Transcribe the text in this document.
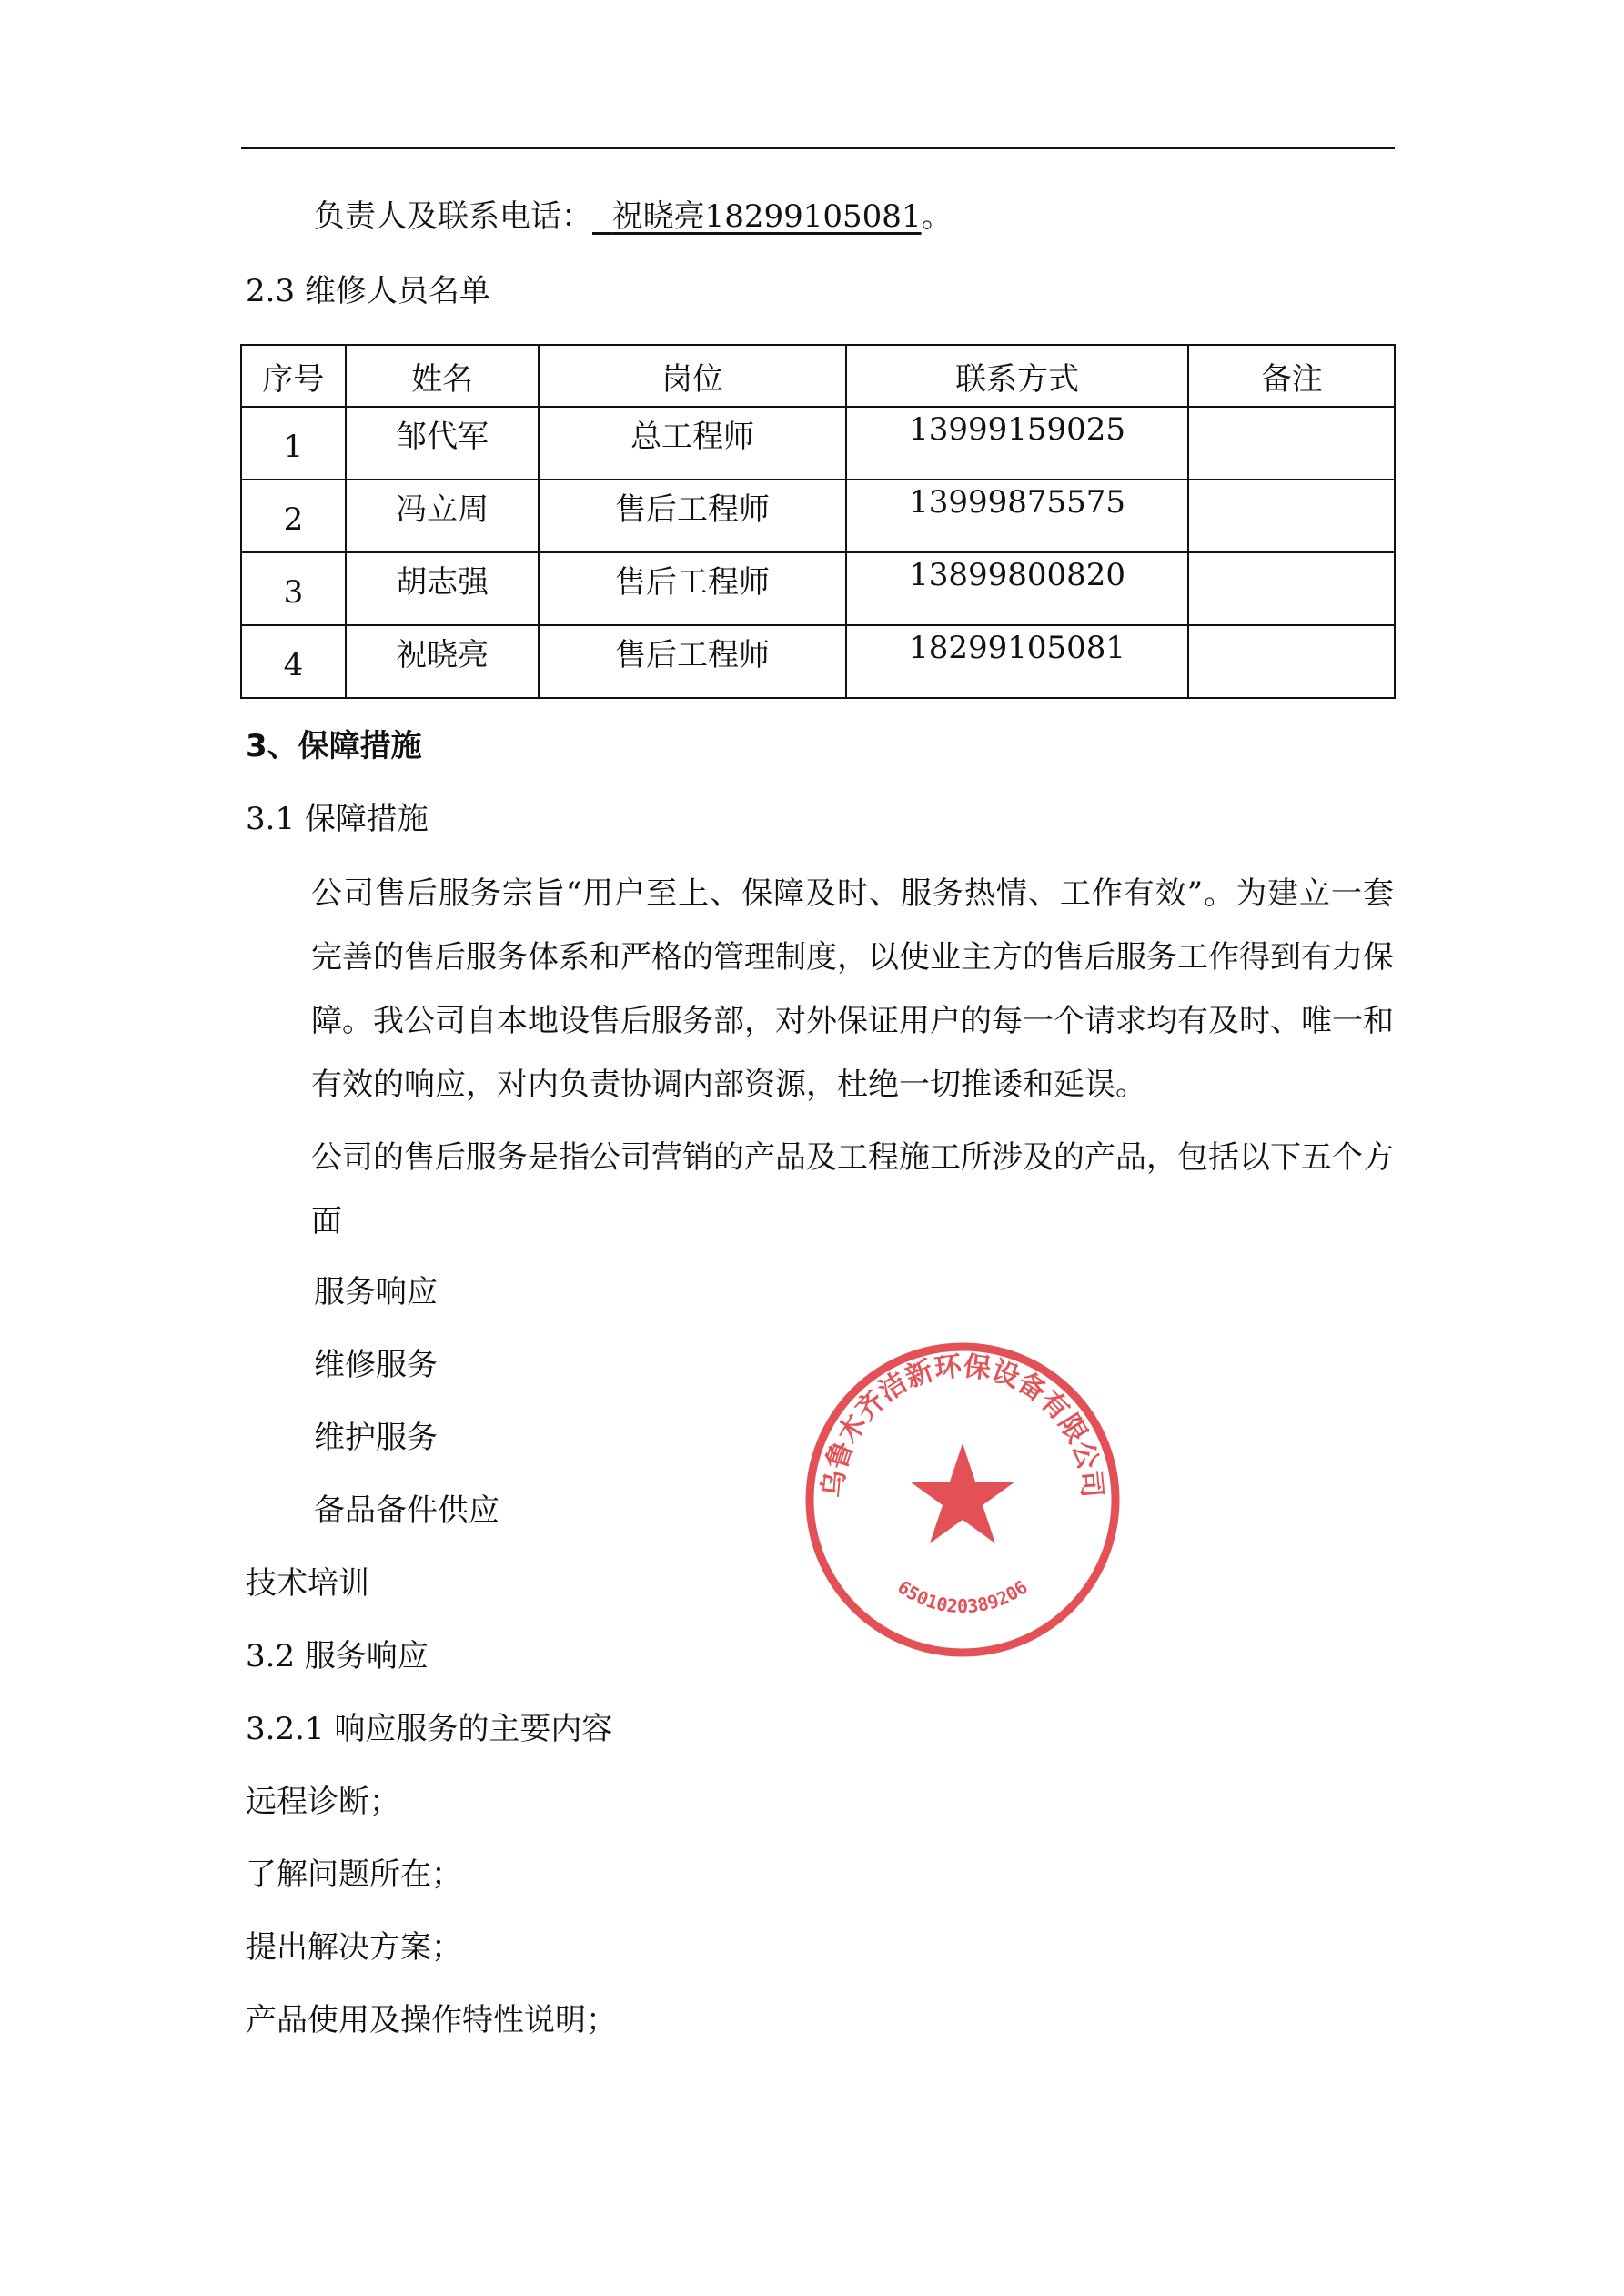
负责人及联系电话： 祝晓亮18299105081。
2.3 维修人员名单
序号	姓名	岗位	联系方式	备注
1	邹代军	总工程师	13999159025	
2	冯立周	售后工程师	13999875575	
3	胡志强	售后工程师	13899800820	
4	祝晓亮	售后工程师	18299105081	
3、保障措施
3.1 保障措施
公司售后服务宗旨“用户至上、保障及时、服务热情、工作有效”。为建立一套完善的售后服务体系和严格的管理制度，以使业主方的售后服务工作得到有力保障。我公司自本地设售后服务部，对外保证用户的每一个请求均有及时、唯一和有效的响应，对内负责协调内部资源，杜绝一切推诿和延误。
公司的售后服务是指公司营销的产品及工程施工所涉及的产品，包括以下五个方面
服务响应
维修服务
维护服务
备品备件供应
技术培训
3.2 服务响应
3.2.1 响应服务的主要内容
远程诊断；
了解问题所在；
提出解决方案；
产品使用及操作特性说明；
乌鲁木齐洁新环保设备有限公司
6501020389206
